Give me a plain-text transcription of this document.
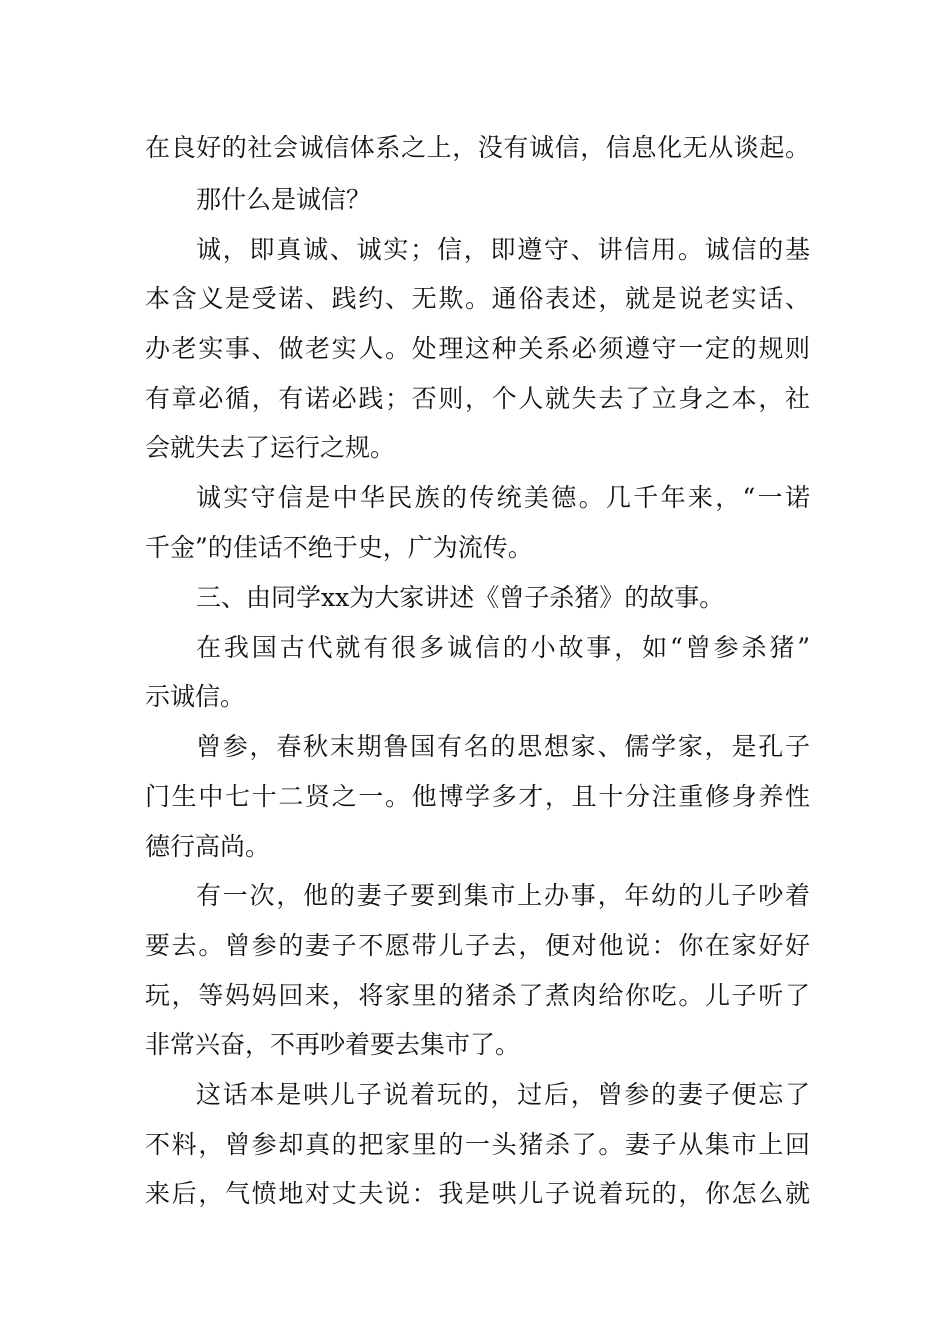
在良好的社会诚信体系之上，没有诚信，信息化无从谈起。
那什么是诚信？
诚，即真诚、诚实；信，即遵守、讲信用。诚信的基
本含义是受诺、践约、无欺。通俗表述，就是说老实话、
办老实事、做老实人。处理这种关系必须遵守一定的规则
有章必循，有诺必践；否则，个人就失去了立身之本，社
会就失去了运行之规。
诚实守信是中华民族的传统美德。几千年来，“一诺
千金”的佳话不绝于史，广为流传。
三、由同学xx为大家讲述《曾子杀猪》的故事。
在我国古代就有很多诚信的小故事，如“曾参杀猪”
示诚信。
曾参，春秋末期鲁国有名的思想家、儒学家，是孔子
门生中七十二贤之一。他博学多才，且十分注重修身养性
德行高尚。
有一次，他的妻子要到集市上办事，年幼的儿子吵着
要去。曾参的妻子不愿带儿子去，便对他说：你在家好好
玩，等妈妈回来，将家里的猪杀了煮肉给你吃。儿子听了
非常兴奋，不再吵着要去集市了。
这话本是哄儿子说着玩的，过后，曾参的妻子便忘了
不料，曾参却真的把家里的一头猪杀了。妻子从集市上回
来后，气愤地对丈夫说：我是哄儿子说着玩的，你怎么就
